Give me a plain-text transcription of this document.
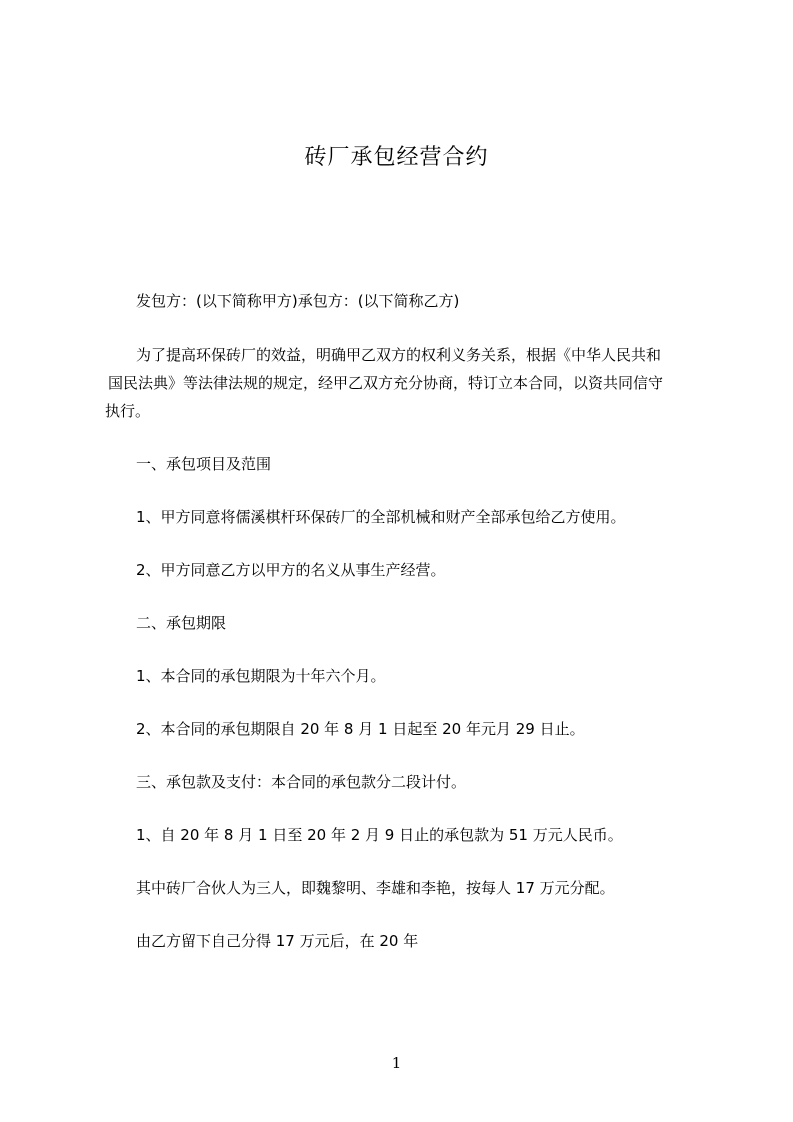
砖厂承包经营合约
发包方：(以下简称甲方)承包方：(以下简称乙方)
为了提高环保砖厂的效益，明确甲乙双方的权利义务关系，根据《中华人民共和
国民法典》等法律法规的规定，经甲乙双方充分协商，特订立本合同，以资共同信守
执行。
一、承包项目及范围
1、甲方同意将儒溪棋杆环保砖厂的全部机械和财产全部承包给乙方使用。
2、甲方同意乙方以甲方的名义从事生产经营。
二、承包期限
1、本合同的承包期限为十年六个月。
2、本合同的承包期限自 20 年 8 月 1 日起至 20 年元月 29 日止。
三、承包款及支付：本合同的承包款分二段计付。
1、自 20 年 8 月 1 日至 20 年 2 月 9 日止的承包款为 51 万元人民币。
其中砖厂合伙人为三人，即魏黎明、李雄和李艳，按每人 17 万元分配。
由乙方留下自己分得 17 万元后，在 20 年
1
